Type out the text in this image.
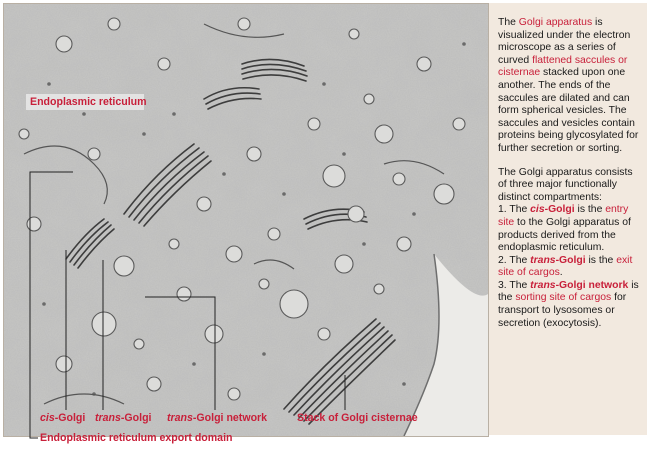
Endoplasmic reticulum
cis-Golgi trans-Golgi trans-Golgi network	Stack of Golgi cisternae
Endoplasmic reticulum export domain

The Golgi apparatus is visualized under the electron microscope as a series of curved flattened saccules or cisternae stacked upon one another. The ends of the saccules are dilated and can form spherical vesicles. The saccules and vesicles contain proteins being glycosylated for further secretion or sorting.

The Golgi apparatus consists of three major functionally distinct compartments:

1. The cis-Golgi is the entry site to the Golgi apparatus of products derived from the endoplasmic reticulum.

2. The trans-Golgi is the exit site of cargos.

3. The trans-Golgi network is the sorting site of cargos for transport to lysosomes or secretion (exocytosis).
